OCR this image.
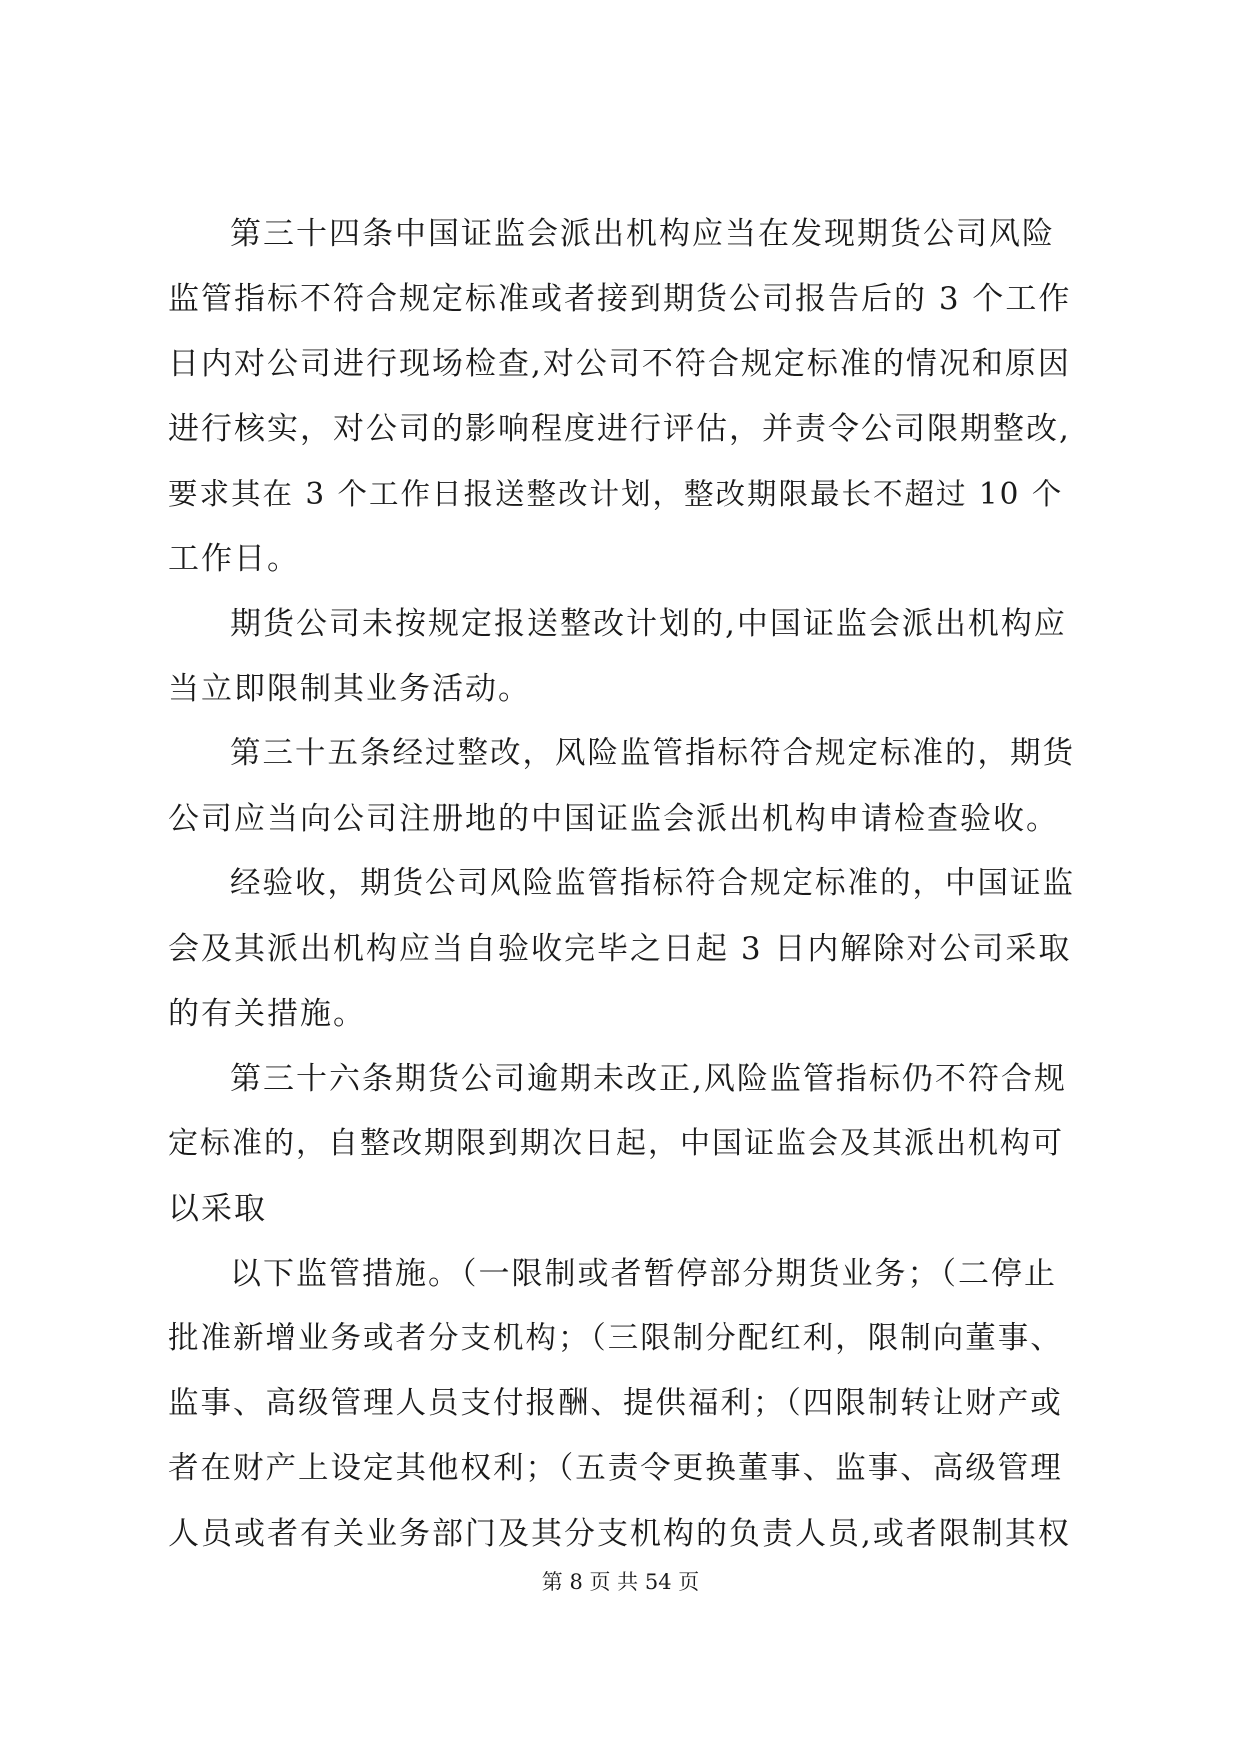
第三十四条中国证监会派出机构应当在发现期货公司风险
监管指标不符合规定标准或者接到期货公司报告后的 3 个工作
日内对公司进行现场检查,对公司不符合规定标准的情况和原因
进行核实，对公司的影响程度进行评估，并责令公司限期整改,
要求其在 3 个工作日报送整改计划，整改期限最长不超过 10 个
工作日。
期货公司未按规定报送整改计划的,中国证监会派出机构应
当立即限制其业务活动。
第三十五条经过整改，风险监管指标符合规定标准的，期货
公司应当向公司注册地的中国证监会派出机构申请检查验收。
经验收，期货公司风险监管指标符合规定标准的，中国证监
会及其派出机构应当自验收完毕之日起 3 日内解除对公司采取
的有关措施。
第三十六条期货公司逾期未改正,风险监管指标仍不符合规
定标准的，自整改期限到期次日起，中国证监会及其派出机构可
以采取
以下监管措施。（一限制或者暂停部分期货业务；（二停止
批准新增业务或者分支机构；（三限制分配红利，限制向董事、
监事、高级管理人员支付报酬、提供福利；（四限制转让财产或
者在财产上设定其他权利；（五责令更换董事、监事、高级管理
人员或者有关业务部门及其分支机构的负责人员,或者限制其权
第 8 页 共 54 页
